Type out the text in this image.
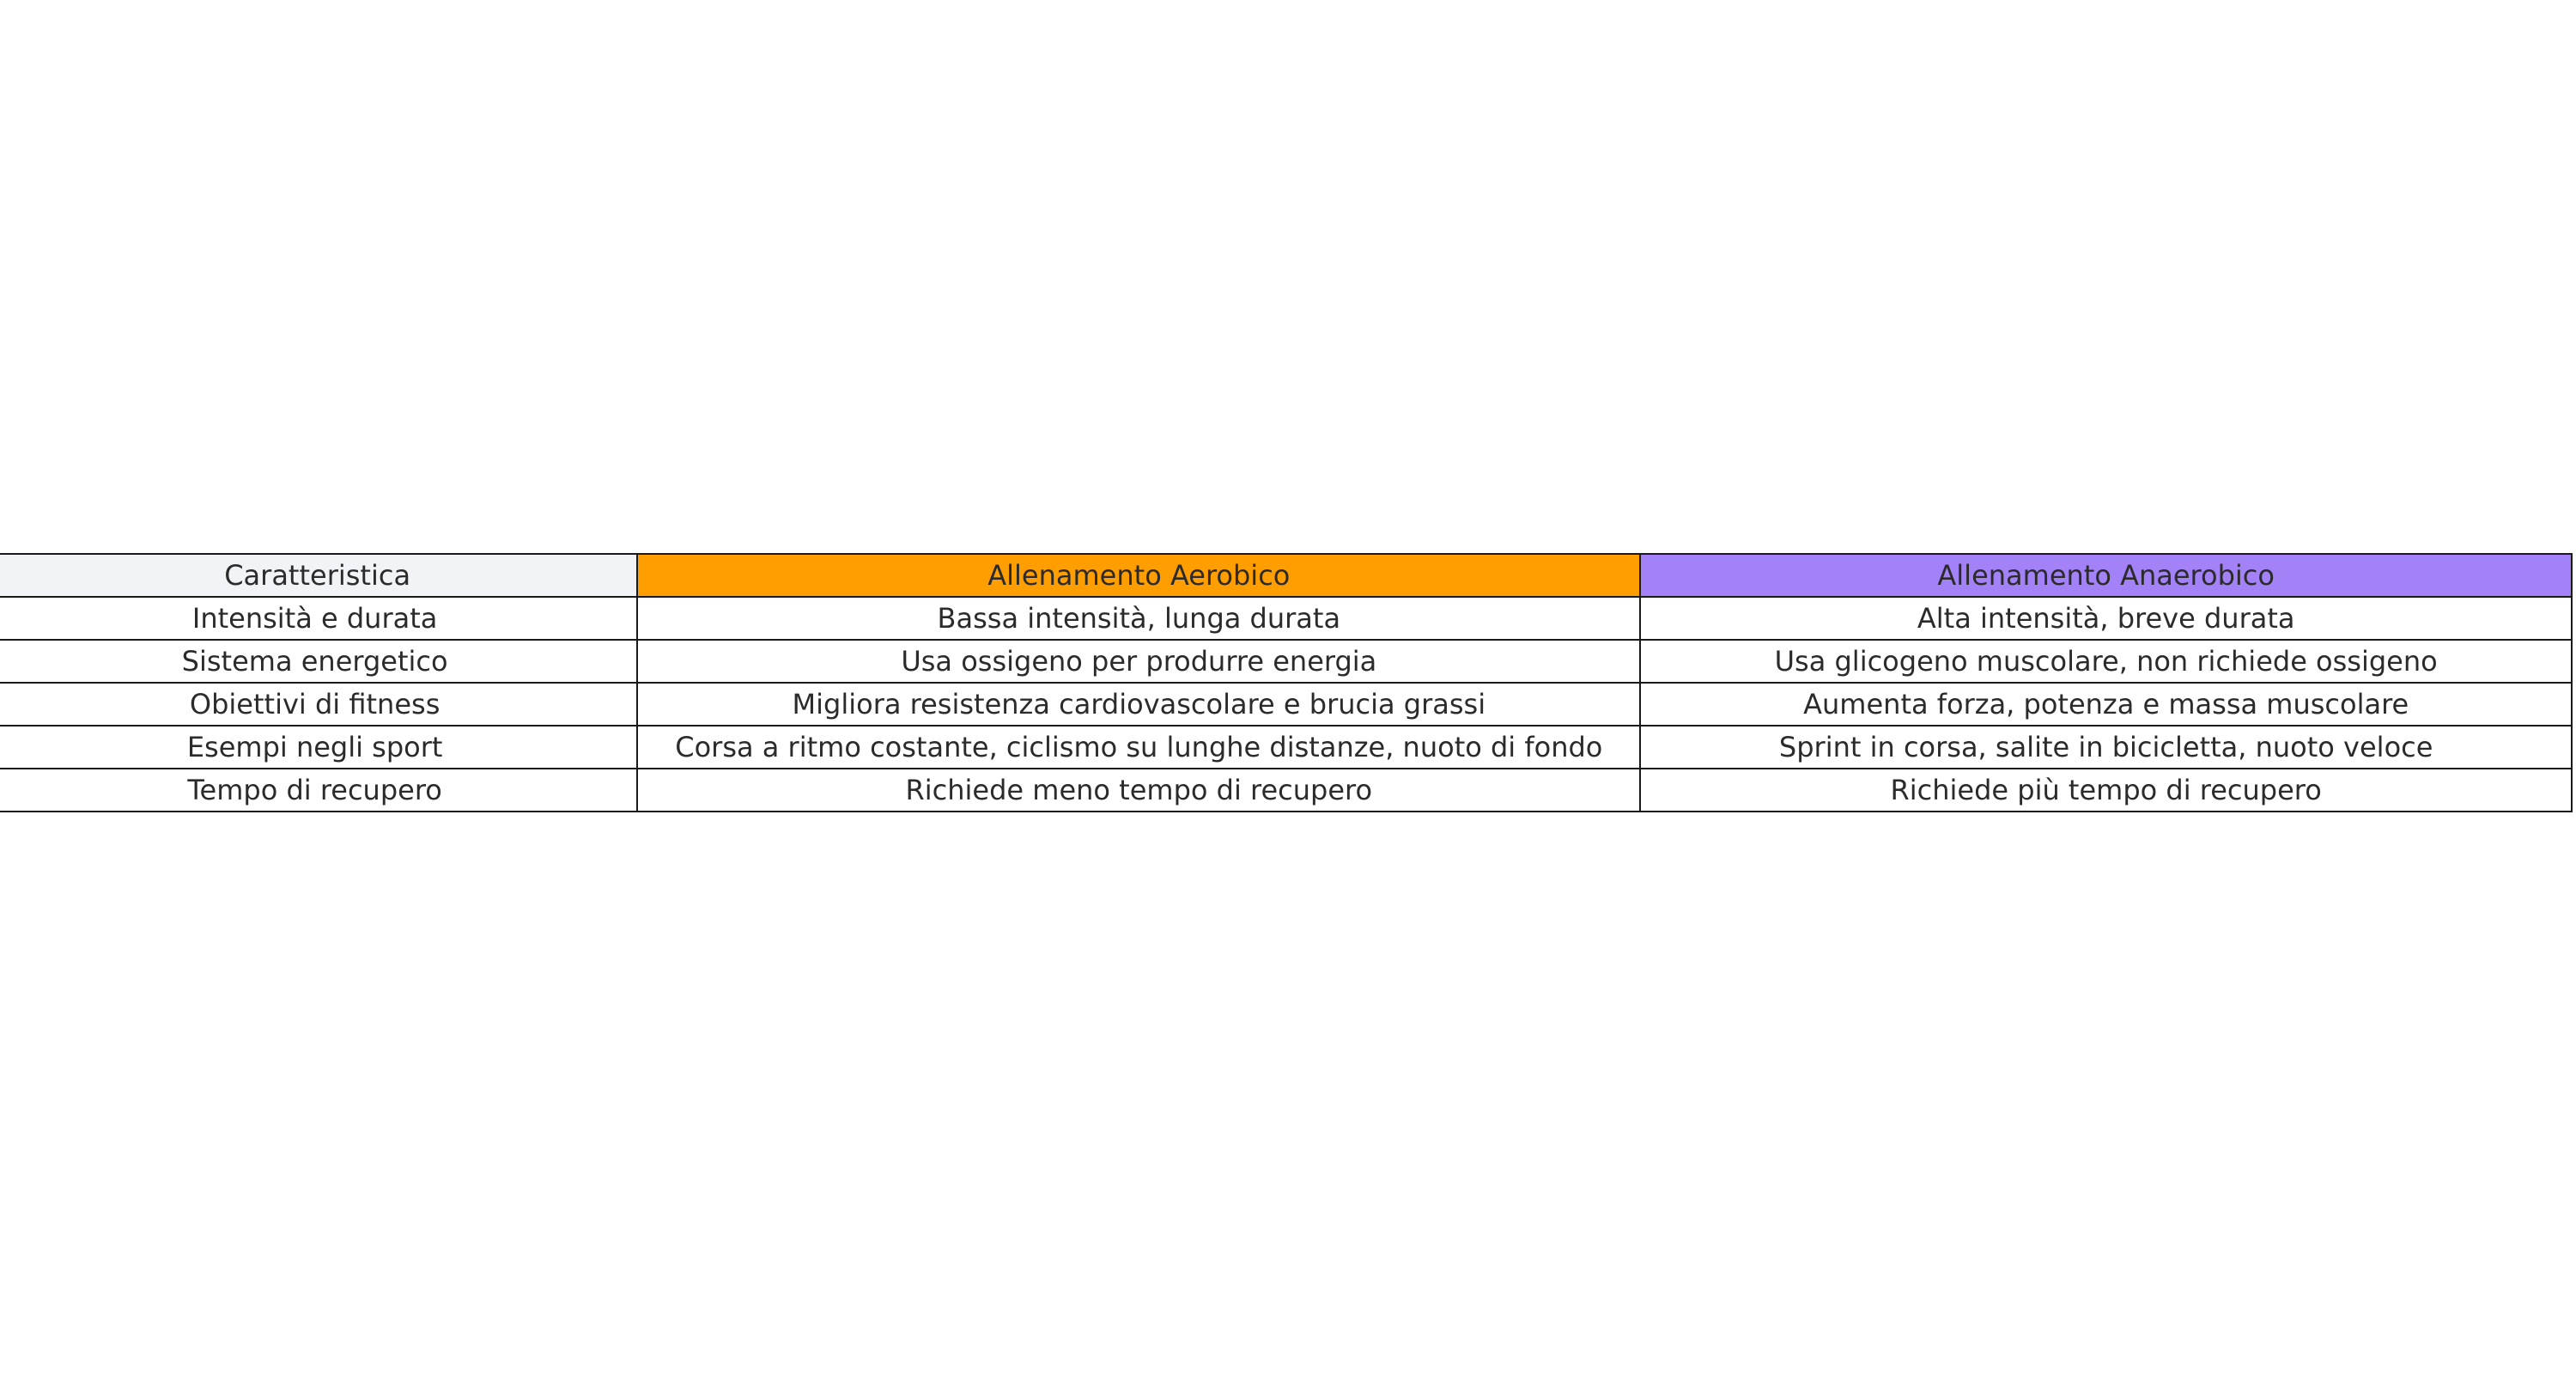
Caratteristica	Allenamento Aerobico	Allenamento Anaerobico
Intensità e durata	Bassa intensità, lunga durata	Alta intensità, breve durata
Sistema energetico	Usa ossigeno per produrre energia	Usa glicogeno muscolare, non richiede ossigeno
Obiettivi di fitness	Migliora resistenza cardiovascolare e brucia grassi	Aumenta forza, potenza e massa muscolare
Esempi negli sport	Corsa a ritmo costante, ciclismo su lunghe distanze, nuoto di fondo	Sprint in corsa, salite in bicicletta, nuoto veloce
Tempo di recupero	Richiede meno tempo di recupero	Richiede più tempo di recupero
